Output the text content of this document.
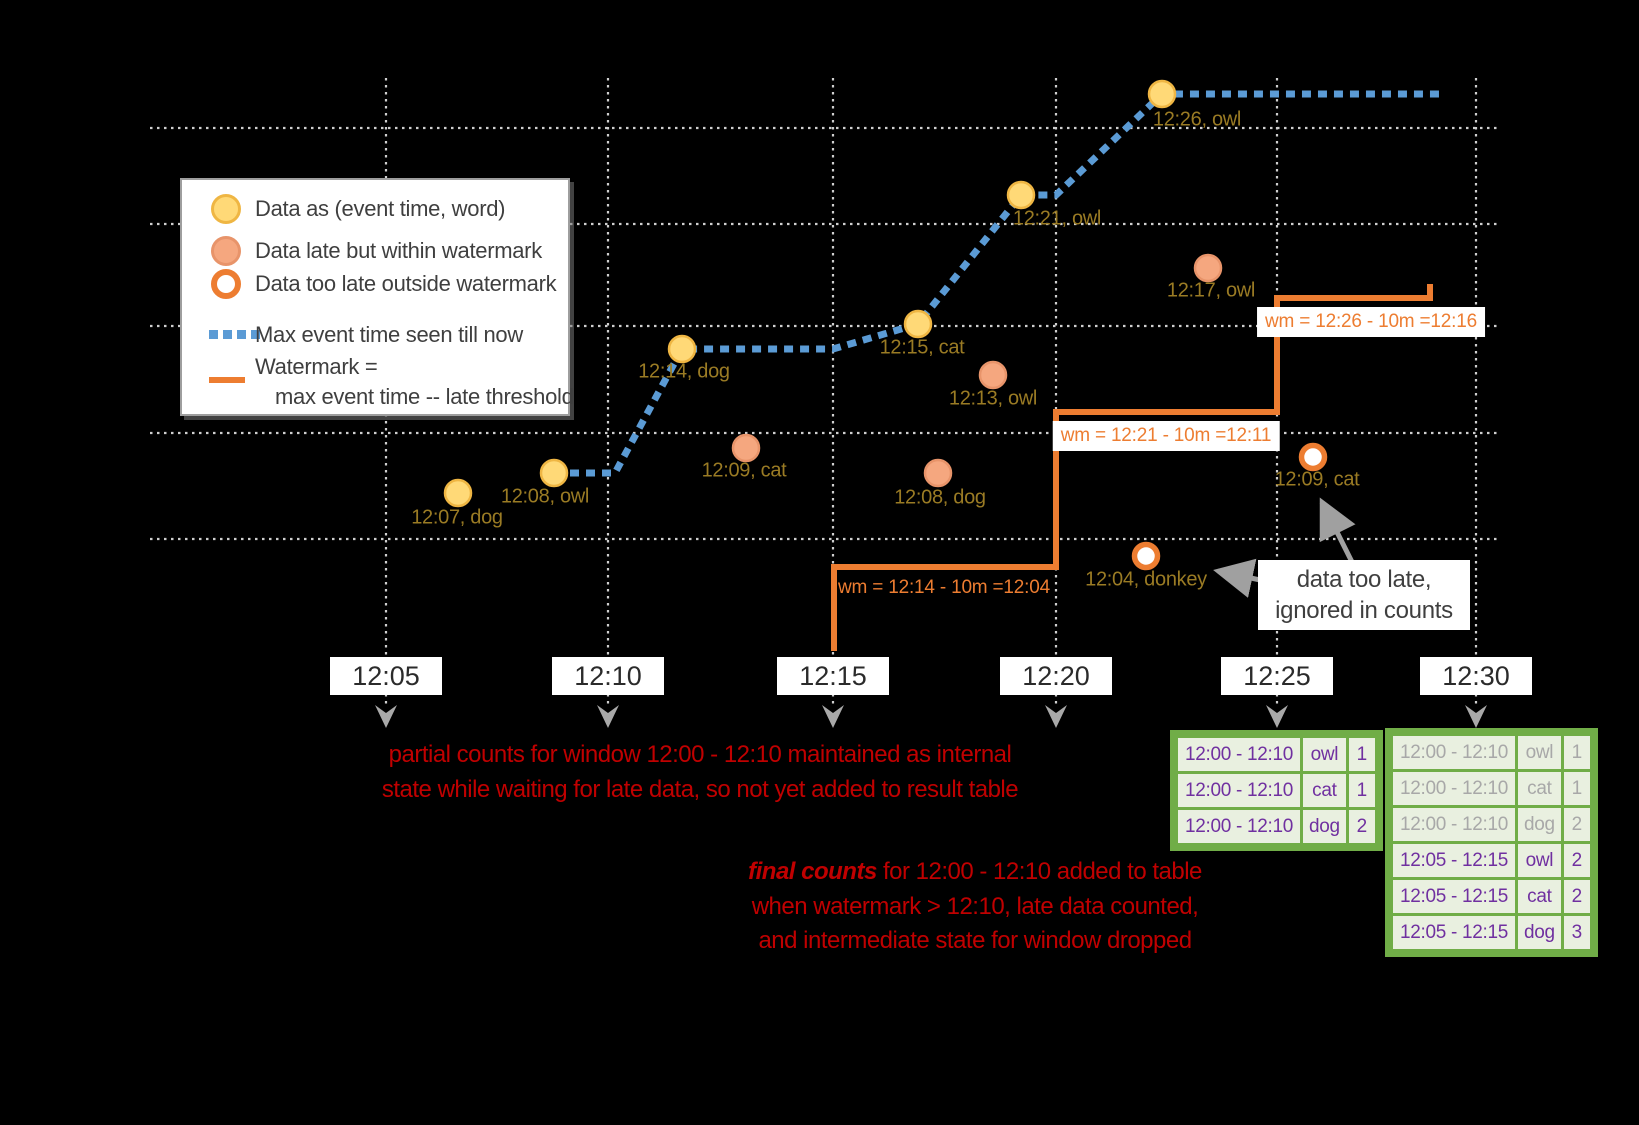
Data as (event time, word)
Data late but within watermark
Data too late outside watermark
Max event time seen till now
Watermark =
max event time -- late threshold
wm = 12:14 - 10m =12:04
wm = 12:21 - 10m =12:11
wm = 12:26 - 10m =12:16
12:07, dog
12:08, owl
12:14, dog
12:15, cat
12:21, owl
12:26, owl
12:09, cat
12:13, owl
12:08, dog
12:17, owl
12:04, donkey
12:09, cat
12:05	12:10	12:15	12:20	12:25	12:30
data too late,
ignored in counts
partial counts for window 12:00 - 12:10 maintained as internal
state while waiting for late data, so not yet added to result table
final counts for 12:00 - 12:10 added to table
when watermark > 12:10, late data counted,
and intermediate state for window dropped
12:00 - 12:10	owl	1
12:00 - 12:10	cat	1
12:00 - 12:10	dog	2
12:00 - 12:10	owl	1
12:00 - 12:10	cat	1
12:00 - 12:10	dog	2
12:05 - 12:15	owl	2
12:05 - 12:15	cat	2
12:05 - 12:15	dog	3
